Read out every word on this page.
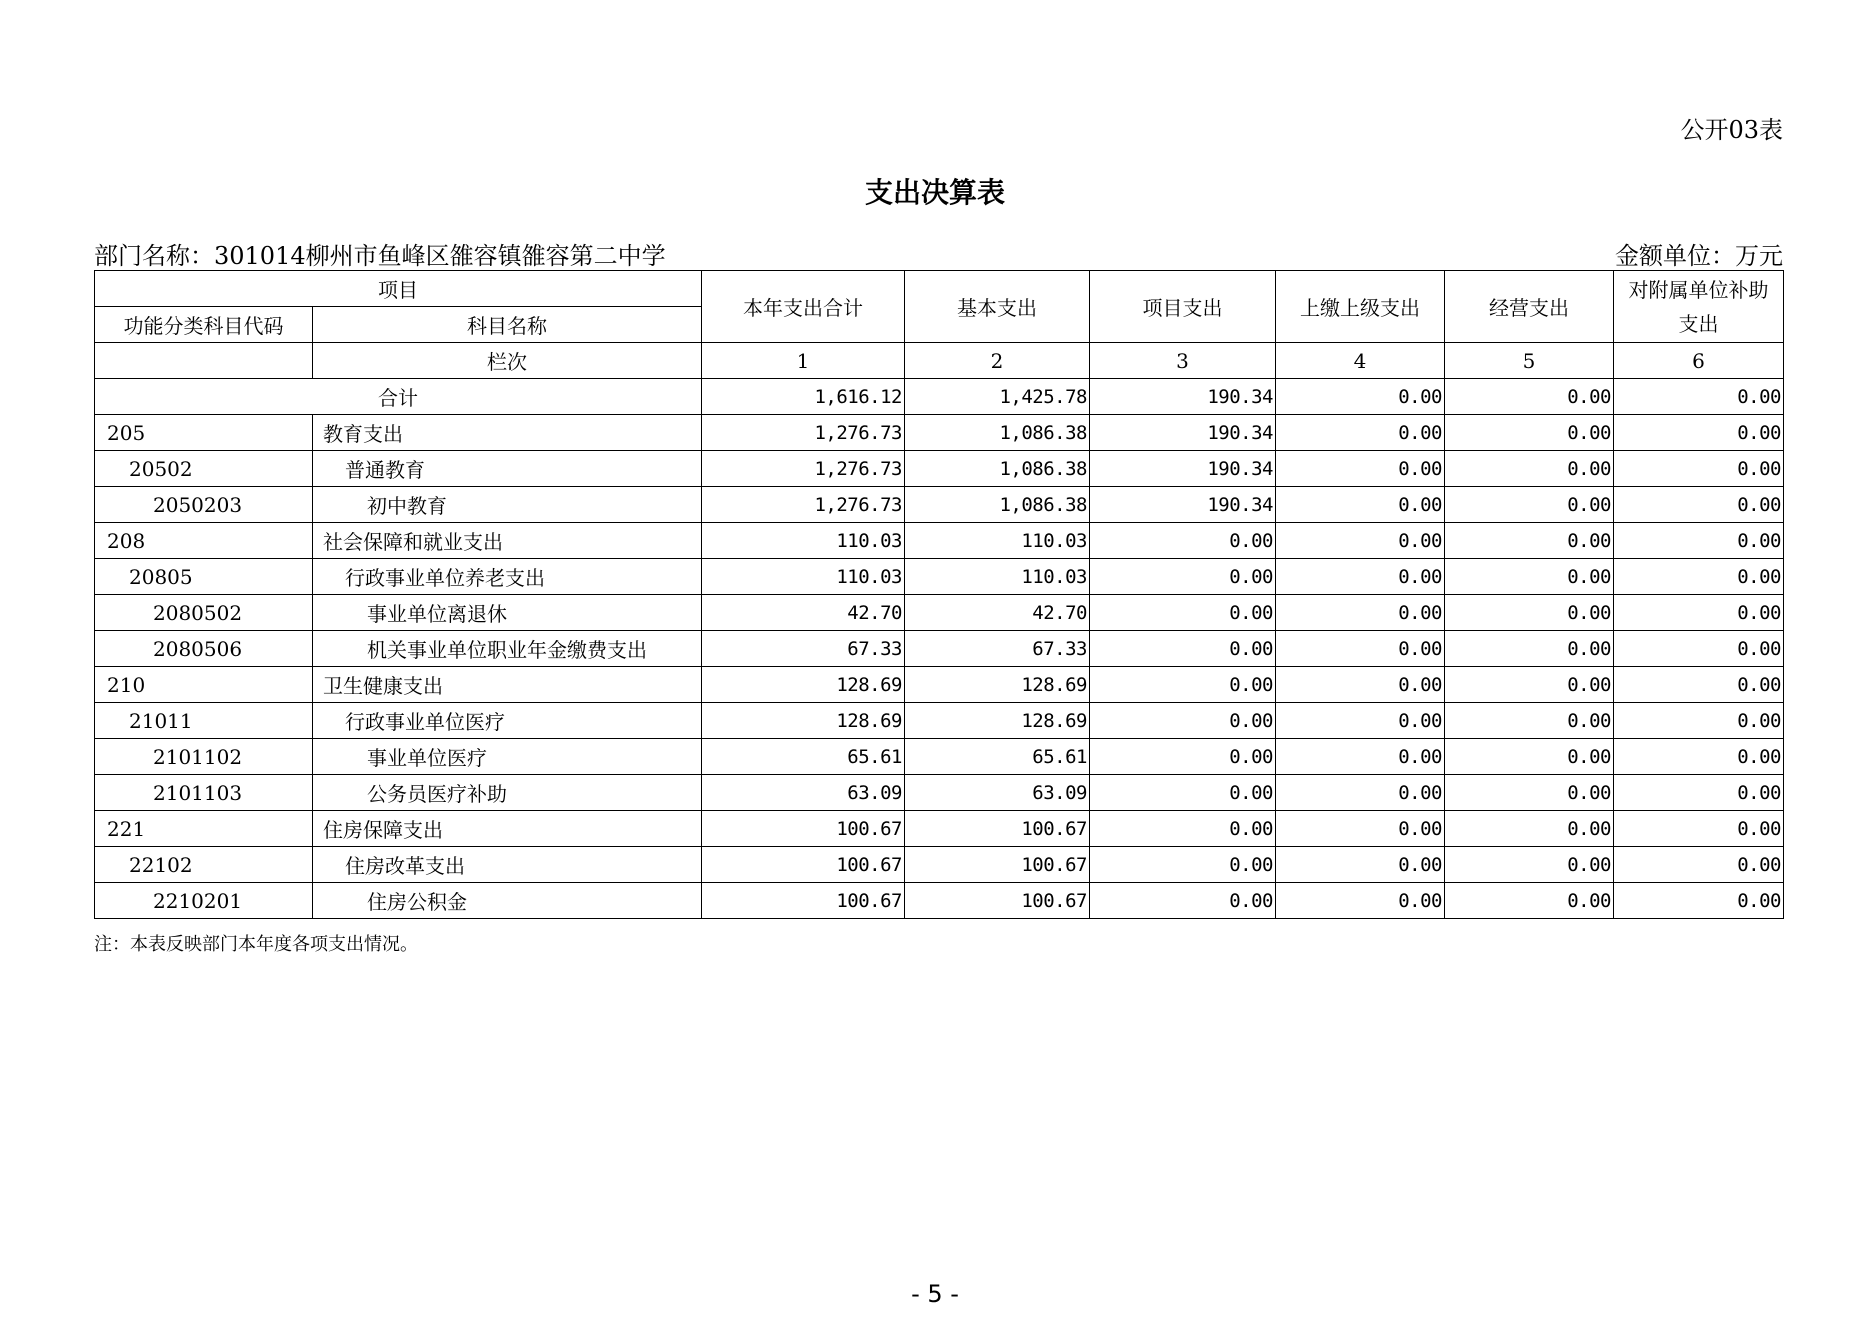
公开03表
支出决算表
部门名称：301014柳州市鱼峰区雒容镇雒容第二中学	金额单位：万元
项目		本年支出合计	基本支出	项目支出	上缴上级支出	经营支出	对附属单位补助
支出
功能分类科目代码	科目名称						
	栏次	1	2	3	4	5	6
合计		1,616.12	1,425.78	190.34	0.00	0.00	0.00
205	教育支出	1,276.73	1,086.38	190.34	0.00	0.00	0.00
20502	普通教育	1,276.73	1,086.38	190.34	0.00	0.00	0.00
2050203	初中教育	1,276.73	1,086.38	190.34	0.00	0.00	0.00
208	社会保障和就业支出	110.03	110.03	0.00	0.00	0.00	0.00
20805	行政事业单位养老支出	110.03	110.03	0.00	0.00	0.00	0.00
2080502	事业单位离退休	42.70	42.70	0.00	0.00	0.00	0.00
2080506	机关事业单位职业年金缴费支出	67.33	67.33	0.00	0.00	0.00	0.00
210	卫生健康支出	128.69	128.69	0.00	0.00	0.00	0.00
21011	行政事业单位医疗	128.69	128.69	0.00	0.00	0.00	0.00
2101102	事业单位医疗	65.61	65.61	0.00	0.00	0.00	0.00
2101103	公务员医疗补助	63.09	63.09	0.00	0.00	0.00	0.00
221	住房保障支出	100.67	100.67	0.00	0.00	0.00	0.00
22102	住房改革支出	100.67	100.67	0.00	0.00	0.00	0.00
2210201	住房公积金	100.67	100.67	0.00	0.00	0.00	0.00
注：本表反映部门本年度各项支出情况。
- 5 -
